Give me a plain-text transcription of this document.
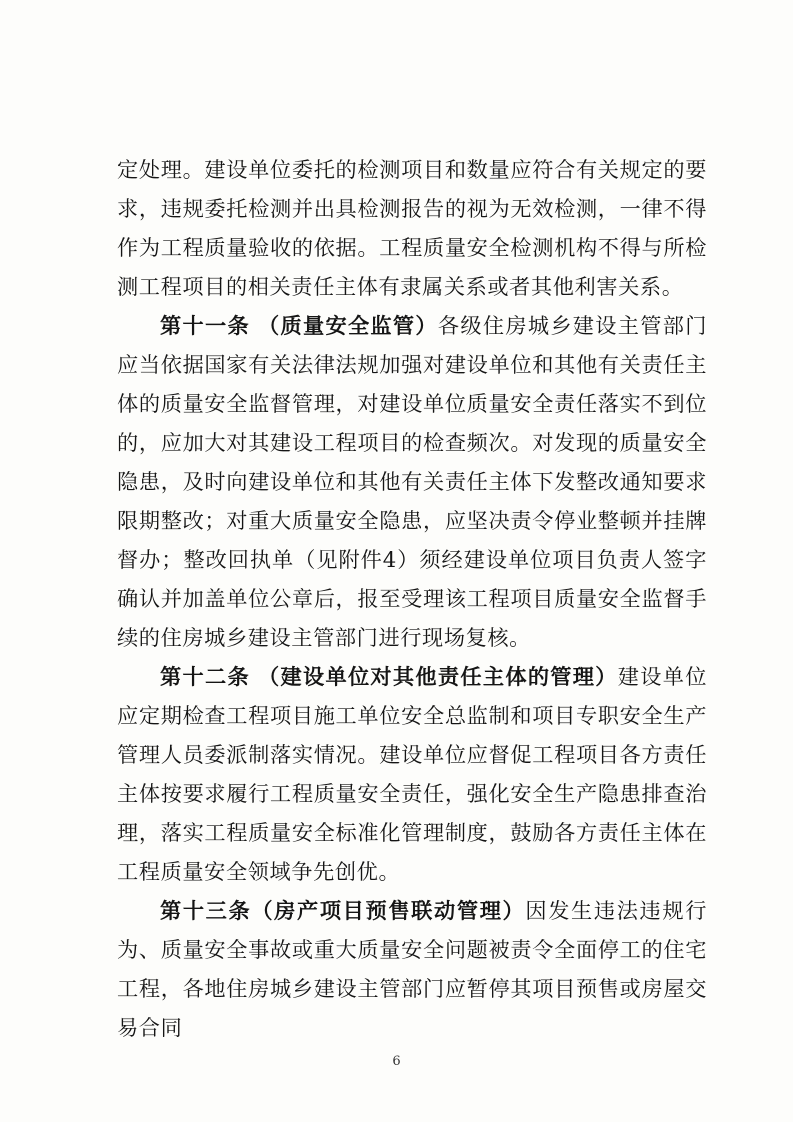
定处理。建设单位委托的检测项目和数量应符合有关规定的要求，违规委托检测并出具检测报告的视为无效检测，一律不得作为工程质量验收的依据。工程质量安全检测机构不得与所检测工程项目的相关责任主体有隶属关系或者其他利害关系。

第十一条 （质量安全监管）各级住房城乡建设主管部门应当依据国家有关法律法规加强对建设单位和其他有关责任主体的质量安全监督管理，对建设单位质量安全责任落实不到位的，应加大对其建设工程项目的检查频次。对发现的质量安全隐患，及时向建设单位和其他有关责任主体下发整改通知要求限期整改；对重大质量安全隐患，应坚决责令停业整顿并挂牌督办；整改回执单（见附件4）须经建设单位项目负责人签字确认并加盖单位公章后，报至受理该工程项目质量安全监督手续的住房城乡建设主管部门进行现场复核。

第十二条 （建设单位对其他责任主体的管理）建设单位应定期检查工程项目施工单位安全总监制和项目专职安全生产管理人员委派制落实情况。建设单位应督促工程项目各方责任主体按要求履行工程质量安全责任，强化安全生产隐患排查治理，落实工程质量安全标准化管理制度，鼓励各方责任主体在工程质量安全领域争先创优。

第十三条（房产项目预售联动管理）因发生违法违规行为、质量安全事故或重大质量安全问题被责令全面停工的住宅工程，各地住房城乡建设主管部门应暂停其项目预售或房屋交易合同

6
